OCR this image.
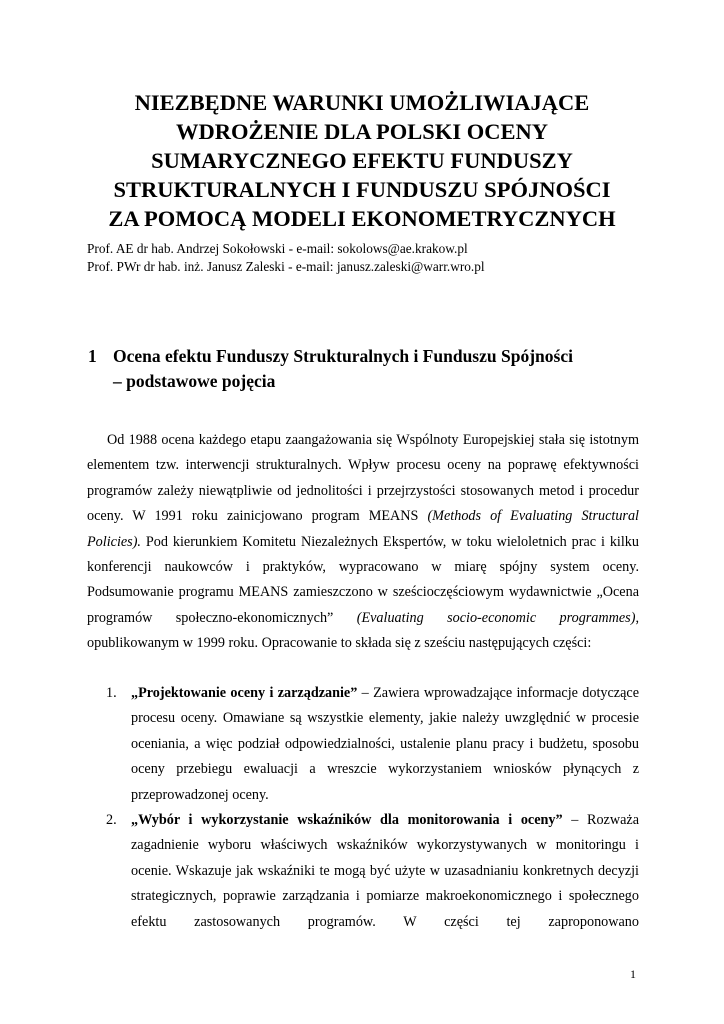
NIEZBĘDNE WARUNKI UMOŻLIWIAJĄCE
WDROŻENIE DLA POLSKI OCENY
SUMARYCZNEGO EFEKTU FUNDUSZY
STRUKTURALNYCH I FUNDUSZU SPÓJNOŚCI
ZA POMOCĄ MODELI EKONOMETRYCZNYCH
Prof. AE dr hab. Andrzej Sokołowski - e-mail: sokolows@ae.krakow.pl
Prof. PWr dr hab. inż. Janusz Zaleski - e-mail: janusz.zaleski@warr.wro.pl
1 Ocena efektu Funduszy Strukturalnych i Funduszu Spójności
– podstawowe pojęcia

Od 1988 ocena każdego etapu zaangażowania się Wspólnoty Europejskiej stała się istotnym elementem tzw. interwencji strukturalnych. Wpływ procesu oceny na poprawę efektywności programów zależy niewątpliwie od jednolitości i przejrzystości stosowanych metod i procedur oceny. W 1991 roku zainicjowano program MEANS (Methods of Evaluating Structural Policies). Pod kierunkiem Komitetu Niezależnych Ekspertów, w toku wieloletnich prac i kilku konferencji naukowców i praktyków, wypracowano w miarę spójny system oceny. Podsumowanie programu MEANS zamieszczono w sześcioczęściowym wydawnictwie „Ocena programów społeczno-ekonomicznych” (Evaluating socio-economic programmes), opublikowanym w 1999 roku. Opracowanie to składa się z sześciu następujących części:

1. „Projektowanie oceny i zarządzanie” – Zawiera wprowadzające informacje dotyczące procesu oceny. Omawiane są wszystkie elementy, jakie należy uwzględnić w procesie oceniania, a więc podział odpowiedzialności, ustalenie planu pracy i budżetu, sposobu oceny przebiegu ewaluacji a wreszcie wykorzystaniem wniosków płynących z przeprowadzonej oceny.
2. „Wybór i wykorzystanie wskaźników dla monitorowania i oceny” – Rozważa zagadnienie wyboru właściwych wskaźników wykorzystywanych w monitoringu i ocenie. Wskazuje jak wskaźniki te mogą być użyte w uzasadnianiu konkretnych decyzji strategicznych, poprawie zarządzania i pomiarze makroekonomicznego i społecznego efektu zastosowanych programów. W części tej zaproponowano
1
